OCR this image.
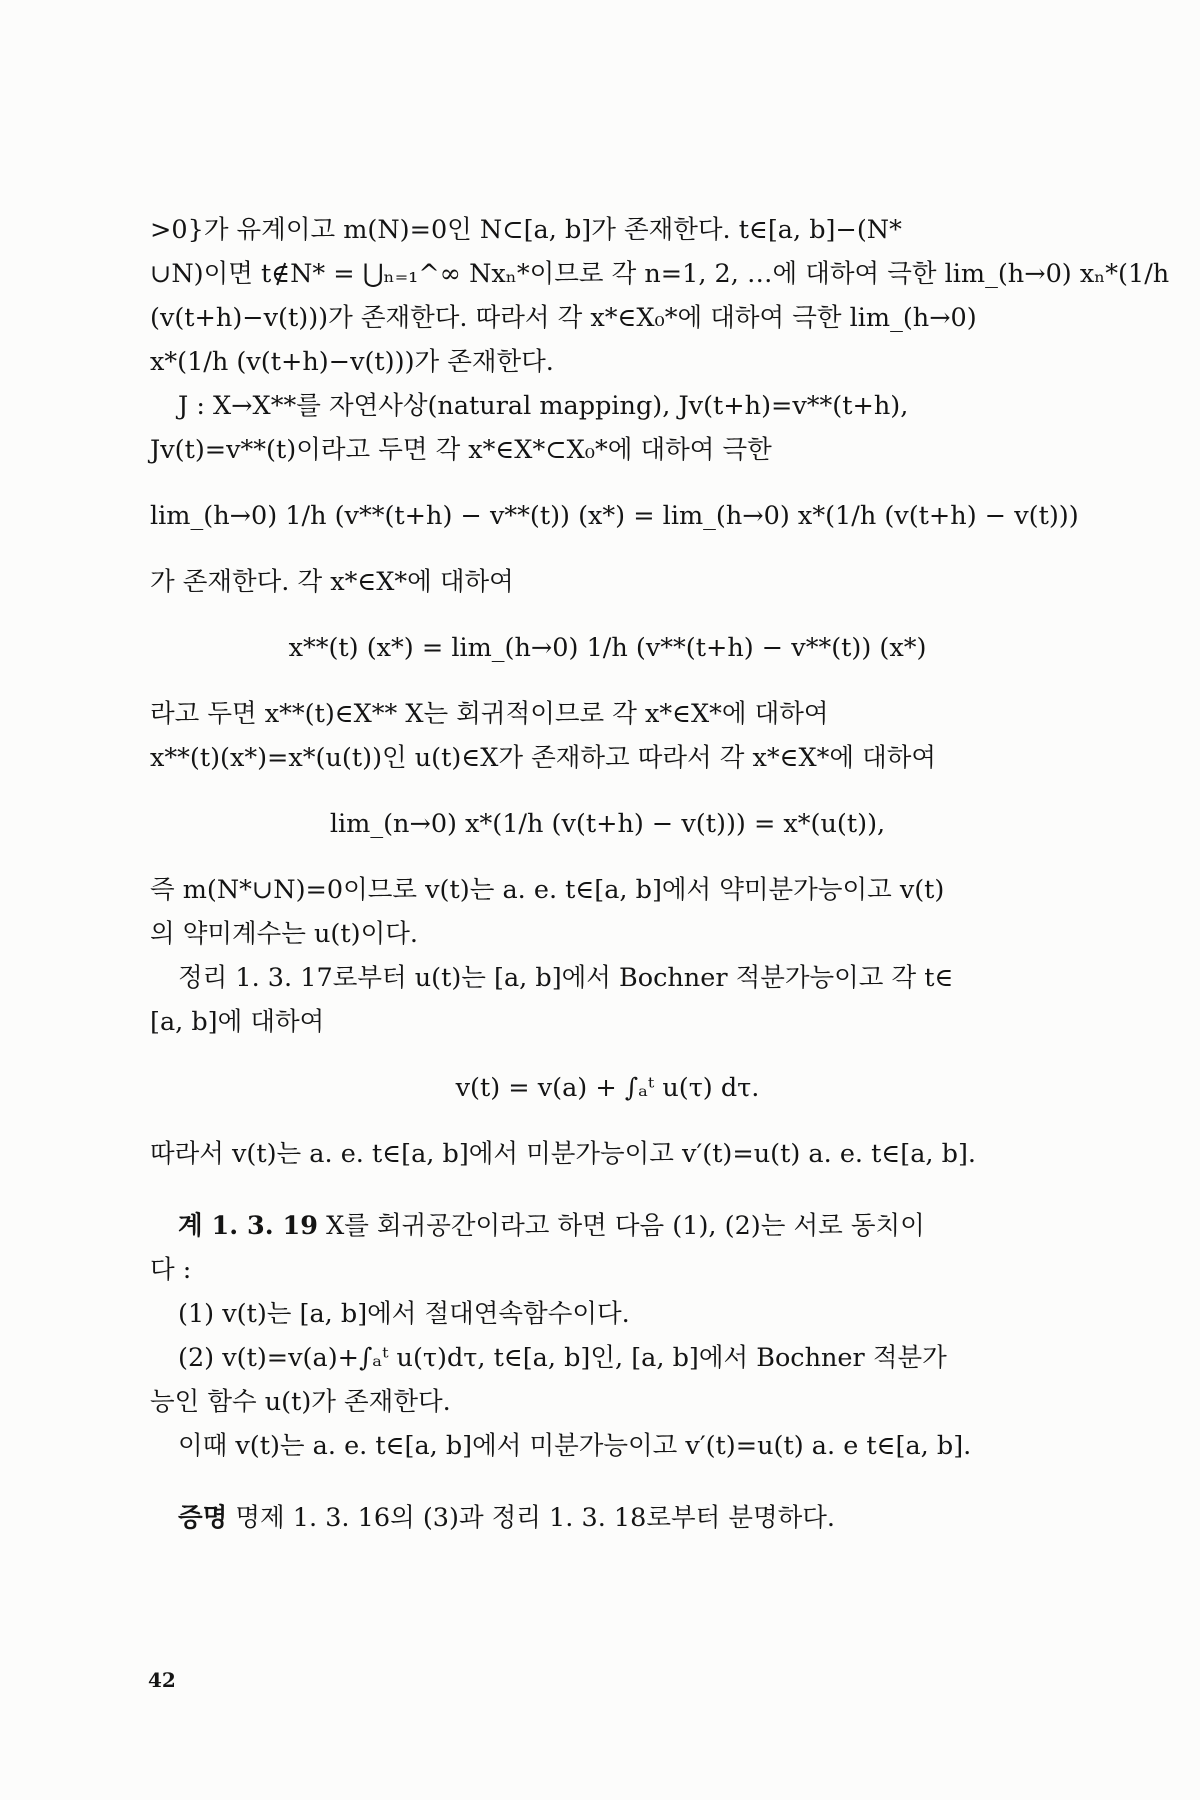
>0}가 유계이고 m(N)=0인 N⊂[a, b]가 존재한다. t∈[a, b]−(N*
∪N)이면 t∉N* = ⋃ₙ₌₁^∞ Nxₙ*이므로 각 n=1, 2, …에 대하여 극한 lim_(h→0) xₙ*(1/h
(v(t+h)−v(t)))가 존재한다. 따라서 각 x*∈X₀*에 대하여 극한 lim_(h→0)
x*(1/h (v(t+h)−v(t)))가 존재한다.
J : X→X**를 자연사상(natural mapping), Jv(t+h)=v**(t+h),
Jv(t)=v**(t)이라고 두면 각 x*∈X*⊂X₀*에 대하여 극한
lim_(h→0) 1/h (v**(t+h) − v**(t)) (x*) = lim_(h→0) x*(1/h (v(t+h) − v(t)))
가 존재한다. 각 x*∈X*에 대하여
x**(t) (x*) = lim_(h→0) 1/h (v**(t+h) − v**(t)) (x*)
라고 두면 x**(t)∈X** X는 회귀적이므로 각 x*∈X*에 대하여
x**(t)(x*)=x*(u(t))인 u(t)∈X가 존재하고 따라서 각 x*∈X*에 대하여
lim_(n→0) x*(1/h (v(t+h) − v(t))) = x*(u(t)),
즉 m(N*∪N)=0이므로 v(t)는 a. e. t∈[a, b]에서 약미분가능이고 v(t)
의 약미계수는 u(t)이다.
정리 1. 3. 17로부터 u(t)는 [a, b]에서 Bochner 적분가능이고 각 t∈
[a, b]에 대하여
v(t) = v(a) + ∫ₐᵗ u(τ) dτ.
따라서 v(t)는 a. e. t∈[a, b]에서 미분가능이고 v′(t)=u(t) a. e. t∈[a, b].
계 1. 3. 19 X를 회귀공간이라고 하면 다음 (1), (2)는 서로 동치이
다 :
(1) v(t)는 [a, b]에서 절대연속함수이다.
(2) v(t)=v(a)+∫ₐᵗ u(τ)dτ, t∈[a, b]인, [a, b]에서 Bochner 적분가
능인 함수 u(t)가 존재한다.
이때 v(t)는 a. e. t∈[a, b]에서 미분가능이고 v′(t)=u(t) a. e t∈[a, b].
증명 명제 1. 3. 16의 (3)과 정리 1. 3. 18로부터 분명하다.
42
